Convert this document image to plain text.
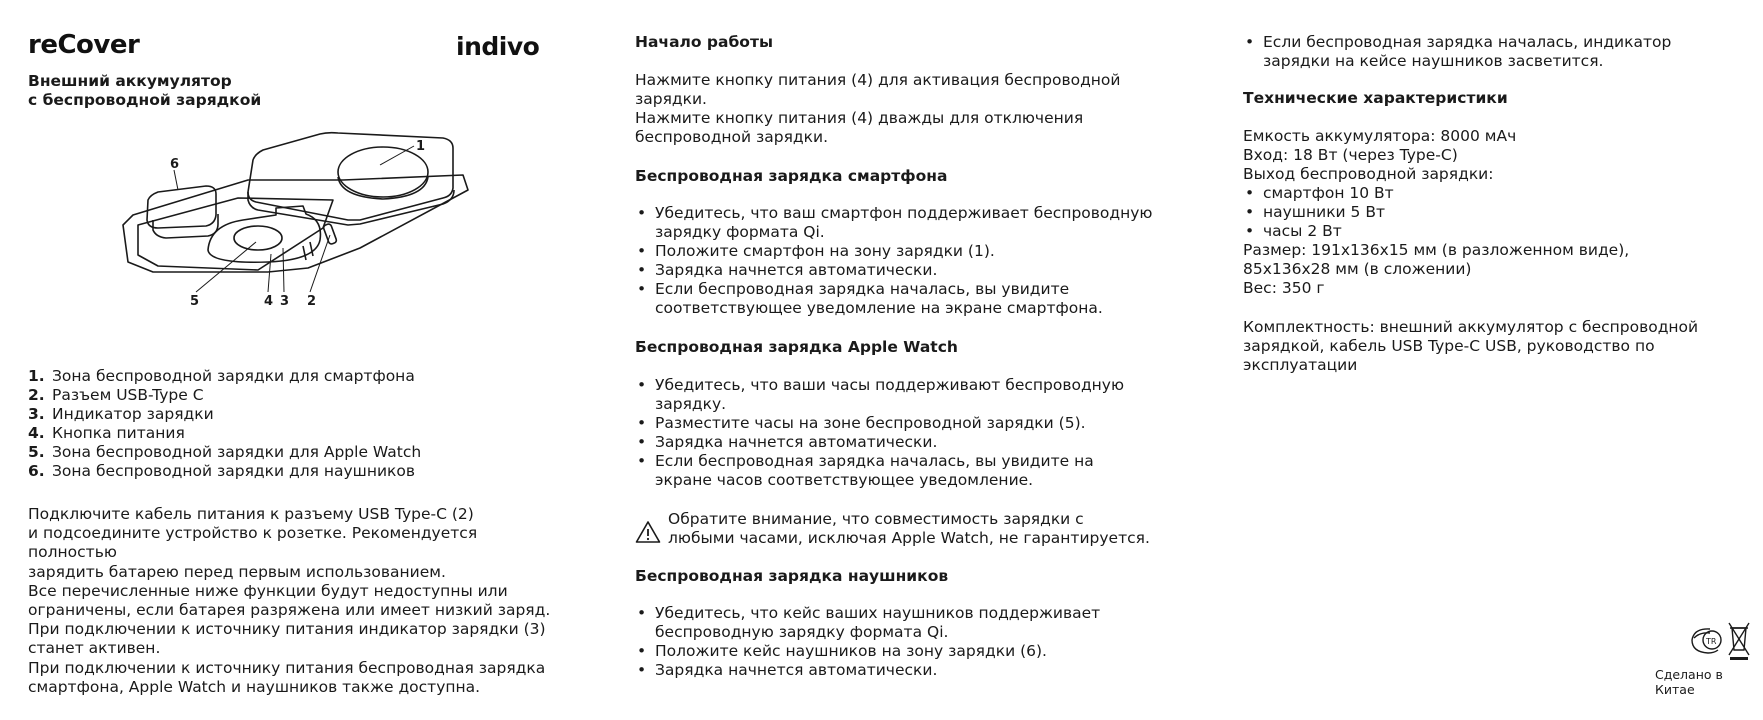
reCover	indivo
Внешний аккумулятор
с беспроводной зарядкой
1
2
3
4
5
6
1. Зона беспроводной зарядки для смартфона
2. Разъем USB-Type C
3. Индикатор зарядки
4. Кнопка питания
5. Зона беспроводной зарядки для Apple Watch
6. Зона беспроводной зарядки для наушников

Подключите кабель питания к разъему USB Type-C (2)

и подсоедините устройство к розетке. Рекомендуется полностью

зарядить батарею перед первым использованием.

Все перечисленные ниже функции будут недоступны или

ограничены, если батарея разряжена или имеет низкий заряд.

При подключении к источнику питания индикатор зарядки (3)

станет активен.

При подключении к источнику питания беспроводная зарядка

смартфона, Apple Watch и наушников также доступна.

Начало работы

Нажмите кнопку питания (4) для активация беспроводной

зарядки.

Нажмите кнопку питания (4) дважды для отключения

беспроводной зарядки.

Беспроводная зарядка смартфона
• Убедитесь, что ваш смартфон поддерживает беспроводную зарядку формата Qi.
• Положите смартфон на зону зарядки (1).
• Зарядка начнется автоматически.
• Если беспроводная зарядка началась, вы увидите соответствующее уведомление на экране смартфона.
Беспроводная зарядка Apple Watch
• Убедитесь, что ваши часы поддерживают беспроводную зарядку.
• Разместите часы на зоне беспроводной зарядки (5).
• Зарядка начнется автоматически.
• Если беспроводная зарядка началась, вы увидите на экране часов соответствующее уведомление.
Обратите внимание, что совместимость зарядки с любыми часами, исключая Apple Watch, не гарантируется.
Беспроводная зарядка наушников
• Убедитесь, что кейс ваших наушников поддерживает беспроводную зарядку формата Qi.
• Положите кейс наушников на зону зарядки (6).
• Зарядка начнется автоматически.
• Если беспроводная зарядка началась, индикатор зарядки на кейсе наушников засветится.
Технические характеристики

Емкость аккумулятора: 8000 мАч

Вход: 18 Вт (через Type-C)

Выход беспроводной зарядки:

• смартфон 10 Вт
• наушники 5 Вт
• часы 2 Вт

Размер: 191x136x15 мм (в разложенном виде),

85x136x28 мм (в сложении)

Вес: 350 г

Комплектность: внешний аккумулятор с беспроводной
зарядкой, кабель USB Type-C USB, руководство по эксплуатации
TR
Сделано в Китае
